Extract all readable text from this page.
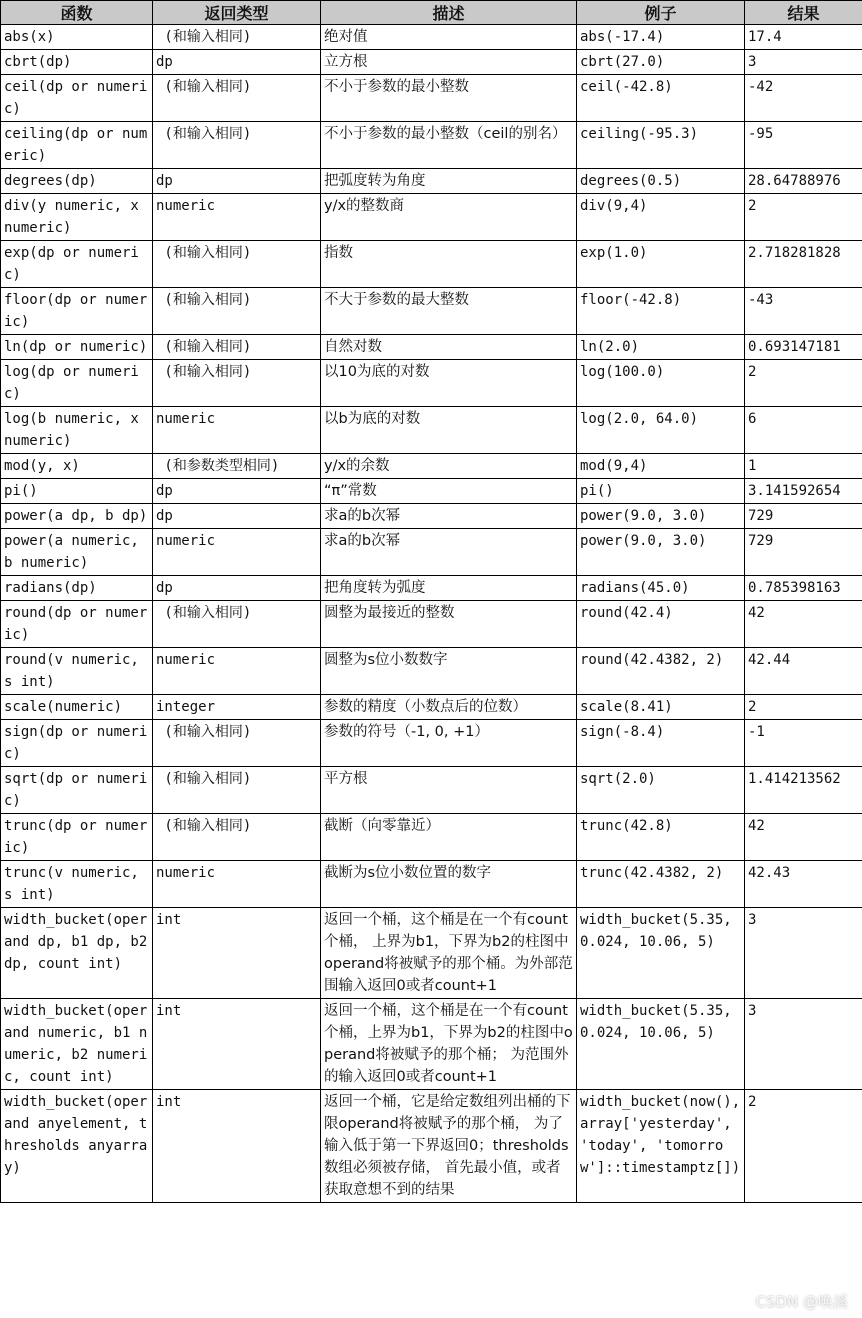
函数	返回类型	描述	例子	结果
abs(x)	(和输入相同)	绝对值	abs(-17.4)	17.4
cbrt(dp)	dp	立方根	cbrt(27.0)	3
ceil(dp or numeric)	(和输入相同)	不小于参数的最小整数	ceil(-42.8)	-42
ceiling(dp or numeric)	(和输入相同)	不小于参数的最小整数（ceil的别名）	ceiling(-95.3)	-95
degrees(dp)	dp	把弧度转为角度	degrees(0.5)	28.64788976
div(y numeric, x numeric)	numeric	y/x的整数商	div(9,4)	2
exp(dp or numeric)	(和输入相同)	指数	exp(1.0)	2.718281828
floor(dp or numeric)	(和输入相同)	不大于参数的最大整数	floor(-42.8)	-43
ln(dp or numeric)	(和输入相同)	自然对数	ln(2.0)	0.693147181
log(dp or numeric)	(和输入相同)	以10为底的对数	log(100.0)	2
log(b numeric, x numeric)	numeric	以b为底的对数	log(2.0, 64.0)	6
mod(y, x)	(和参数类型相同)	y/x的余数	mod(9,4)	1
pi()	dp	“π”常数	pi()	3.141592654
power(a dp, b dp)	dp	求a的b次幂	power(9.0, 3.0)	729
power(a numeric, b numeric)	numeric	求a的b次幂	power(9.0, 3.0)	729
radians(dp)	dp	把角度转为弧度	radians(45.0)	0.785398163
round(dp or numeric)	(和输入相同)	圆整为最接近的整数	round(42.4)	42
round(v numeric, s int)	numeric	圆整为s位小数数字	round(42.4382, 2)	42.44
scale(numeric)	integer	参数的精度（小数点后的位数）	scale(8.41)	2
sign(dp or numeric)	(和输入相同)	参数的符号（-1, 0, +1）	sign(-8.4)	-1
sqrt(dp or numeric)	(和输入相同)	平方根	sqrt(2.0)	1.414213562
trunc(dp or numeric)	(和输入相同)	截断（向零靠近）	trunc(42.8)	42
trunc(v numeric, s int)	numeric	截断为s位小数位置的数字	trunc(42.4382, 2)	42.43
width_bucket(operand dp, b1 dp, b2 dp, count int)	int	返回一个桶，这个桶是在一个有count个桶， 上界为b1，下界为b2的柱图中operand将被赋予的那个桶。为外部范围输入返回0或者count+1	width_bucket(5.35, 0.024, 10.06, 5)	3
width_bucket(operand numeric, b1 numeric, b2 numeric, count int)	int	返回一个桶，这个桶是在一个有count个桶，上界为b1，下界为b2的柱图中operand将被赋予的那个桶； 为范围外的输入返回0或者count+1	width_bucket(5.35, 0.024, 10.06, 5)	3
width_bucket(operand anyelement, thresholds anyarray)	int	返回一个桶，它是给定数组列出桶的下限operand将被赋予的那个桶， 为了输入低于第一下界返回0；thresholds数组必须被存储， 首先最小值，或者获取意想不到的结果	width_bucket(now(), array['yesterday', 'today', 'tomorrow']::timestamptz[])	2
CSDN @唤溪
